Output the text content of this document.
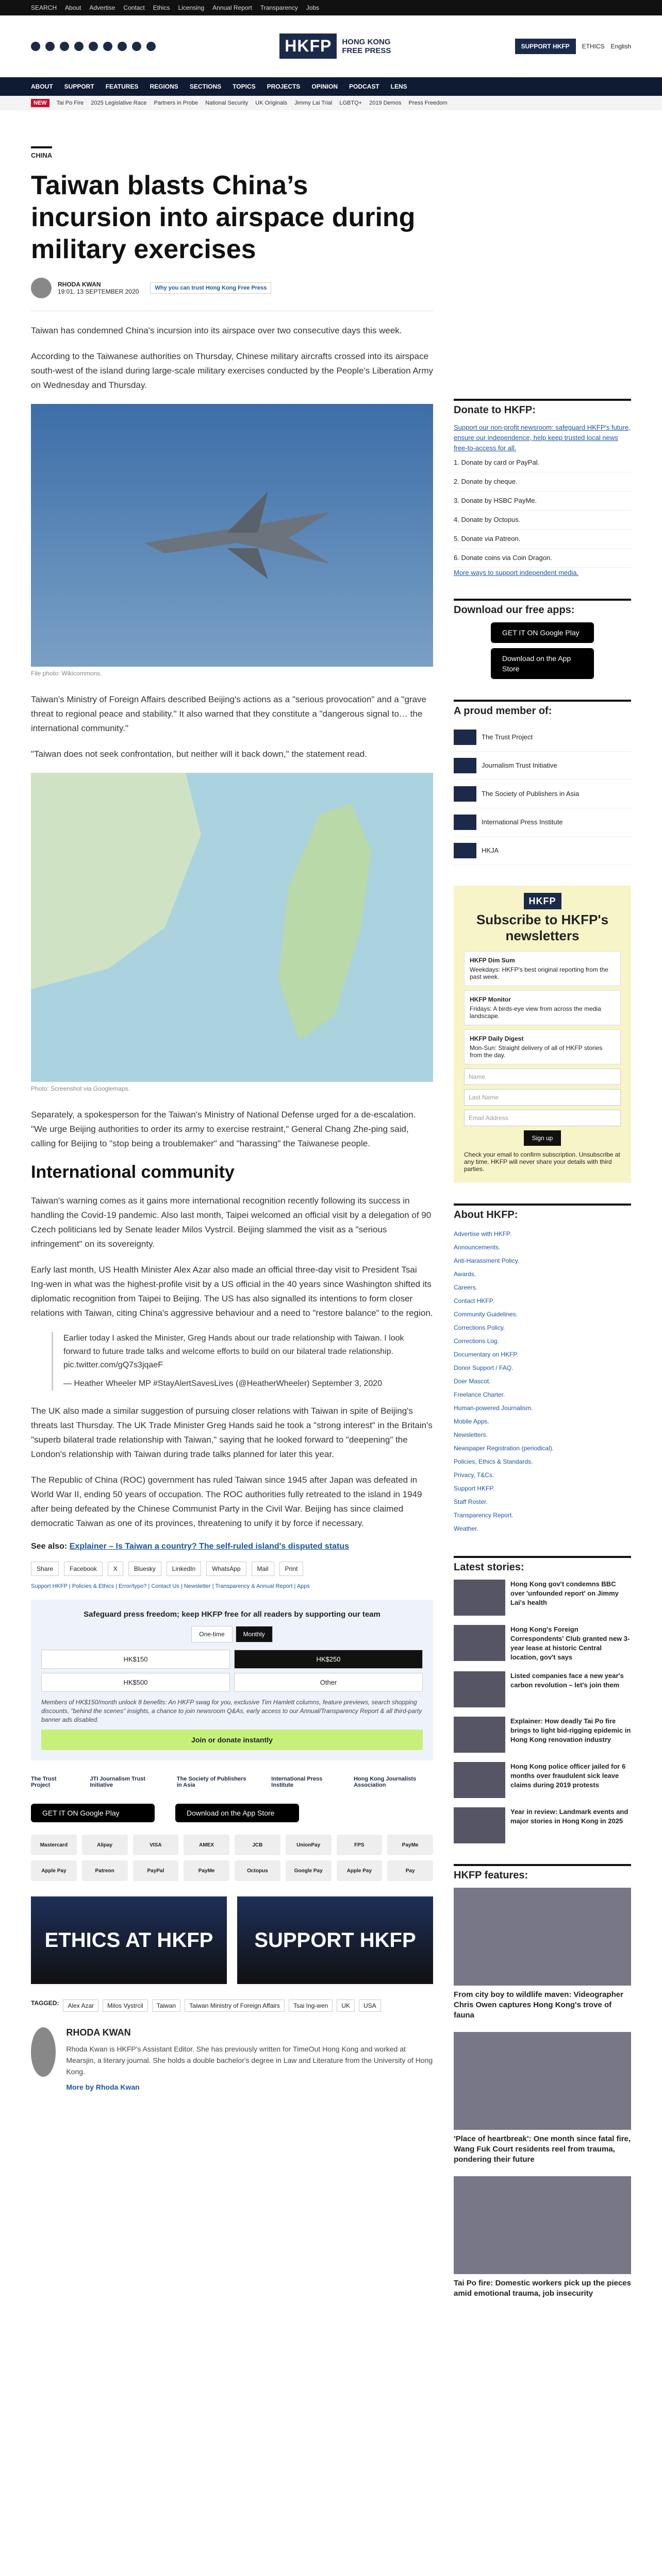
SEARCH About Advertise Contact Ethics Licensing Annual Report Transparency Jobs
HKFP	HONG KONG
FREE PRESS	SUPPORT HKFP	ETHICS English
ABOUT SUPPORT FEATURES REGIONS SECTIONS TOPICS PROJECTS OPINION PODCAST LENS
NEW	Tai Po Fire 2025 Legislative Race Partners in Probe National Security UK Originals Jimmy Lai Trial LGBTQ+ 2019 Demos Press Freedom
CHINA
Taiwan blasts China’s incursion into airspace during military exercises
RHODA KWAN
19:01, 13 SEPTEMBER 2020	Why you can trust Hong Kong Free Press

Taiwan has condemned China's incursion into its airspace over two consecutive days this week.

According to the Taiwanese authorities on Thursday, Chinese military aircrafts crossed into its airspace south-west of the island during large-scale military exercises conducted by the People's Liberation Army on Wednesday and Thursday.

File photo: Wikicommons.

Taiwan's Ministry of Foreign Affairs described Beijing's actions as a "serious provocation" and a "grave threat to regional peace and stability." It also warned that they constitute a "dangerous signal to… the international community."

"Taiwan does not seek confrontation, but neither will it back down," the statement read.

Photo: Screenshot via Googlemaps.

Separately, a spokesperson for the Taiwan's Ministry of National Defense urged for a de-escalation. "We urge Beijing authorities to order its army to exercise restraint," General Chang Zhe-ping said, calling for Beijing to "stop being a troublemaker" and "harassing" the Taiwanese people.

International community

Taiwan's warning comes as it gains more international recognition recently following its success in handling the Covid-19 pandemic. Also last month, Taipei welcomed an official visit by a delegation of 90 Czech politicians led by Senate leader Milos Vystrcil. Beijing slammed the visit as a "serious infringement" on its sovereignty.

Early last month, US Health Minister Alex Azar also made an official three-day visit to President Tsai Ing-wen in what was the highest-profile visit by a US official in the 40 years since Washington shifted its diplomatic recognition from Taipei to Beijing. The US has also signalled its intentions to form closer relations with Taiwan, citing China's aggressive behaviour and a need to "restore balance" to the region.

Earlier today I asked the Minister, Greg Hands about our trade relationship with Taiwan. I look forward to future trade talks and welcome efforts to build on our bilateral trade relationship. pic.twitter.com/gQ7s3jqaeF
— Heather Wheeler MP #StayAlertSavesLives (@HeatherWheeler) September 3, 2020

The UK also made a similar suggestion of pursuing closer relations with Taiwan in spite of Beijing's threats last Thursday. The UK Trade Minister Greg Hands said he took a "strong interest" in the Britain's "superb bilateral trade relationship with Taiwan," saying that he looked forward to "deepening" the London's relationship with Taiwan during trade talks planned for later this year.

The Republic of China (ROC) government has ruled Taiwan since 1945 after Japan was defeated in World War II, ending 50 years of occupation. The ROC authorities fully retreated to the island in 1949 after being defeated by the Chinese Communist Party in the Civil War. Beijing has since claimed democratic Taiwan as one of its provinces, threatening to unify it by force if necessary.

See also: Explainer – Is Taiwan a country? The self-ruled island's disputed status
Share	Facebook	X	Bluesky	LinkedIn	WhatsApp	Mail	Print
Support HKFP | Policies & Ethics | Error/typo? | Contact Us | Newsletter | Transparency & Annual Report | Apps
Safeguard press freedom; keep HKFP free for all readers by supporting our team
One-time	Monthly
HK$150	HK$250
HK$500	Other
Members of HK$150/month unlock 8 benefits: An HKFP swag for you, exclusive Tim Hamlett columns, feature previews, search shopping discounts, "behind the scenes" insights, a chance to join newsroom Q&As, early access to our Annual/Transparency Report & all third-party banner ads disabled.
Join or donate instantly
The Trust Project
JTI Journalism Trust Initiative
The Society of Publishers in Asia
International Press Institute
Hong Kong Journalists Association
GET IT ON Google Play	Download on the App Store
Mastercard	Alipay	VISA	AMEX	JCB	UnionPay	FPS	PayMe
Apple Pay	Patreon	PayPal	PayMe	Octopus	Google Pay	Apple Pay	Pay
ETHICS AT HKFP	SUPPORT HKFP
TAGGED:	Alex Azar	Milos Vystrcil	Taiwan	Taiwan Ministry of Foreign Affairs	Tsai Ing-wen	UK	USA
RHODA KWAN

Rhoda Kwan is HKFP's Assistant Editor. She has previously written for TimeOut Hong Kong and worked at Mearsjin, a literary journal. She holds a double bachelor's degree in Law and Literature from the University of Hong Kong.

More by Rhoda Kwan

Donate to HKFP:
Support our non-profit newsroom: safeguard HKFP's future, ensure our independence, help keep trusted local news free-to-access for all.
1. Donate by card or PayPal.
2. Donate by cheque.
3. Donate by HSBC PayMe.
4. Donate by Octopus.
5. Donate via Patreon.
6. Donate coins via Coin Dragon.
More ways to support independent media.
Download our free apps:
GET IT ON Google Play
Download on the App Store
A proud member of:
The Trust Project
Journalism Trust Initiative
The Society of Publishers in Asia
International Press Institute
HKJA
HKFP
Subscribe to HKFP's newsletters
HKFP Dim Sum
Weekdays: HKFP's best original reporting from the past week.
HKFP Monitor
Fridays: A birds-eye view from across the media landscape.
HKFP Daily Digest
Mon-Sun: Straight delivery of all of HKFP stories from the day.
Name
Last Name
Email Address
Sign up
Check your email to confirm subscription. Unsubscribe at any time. HKFP will never share your details with third parties.
About HKFP:
Advertise with HKFP.
Announcements.
Anti-Harassment Policy.
Awards.
Careers.
Contact HKFP.
Community Guidelines.
Corrections Policy.
Corrections Log.
Documentary on HKFP.
Donor Support / FAQ.
Doer Mascot.
Freelance Charter.
Human-powered Journalism.
Mobile Apps.
Newsletters.
Newspaper Registration (periodical).
Policies, Ethics & Standards.
Privacy, T&Cs.
Support HKFP.
Staff Roster.
Transparency Report.
Weather.
Latest stories:
Hong Kong gov't condemns BBC over 'unfounded report' on Jimmy Lai's health
Hong Kong's Foreign Correspondents' Club granted new 3-year lease at historic Central location, gov't says
Listed companies face a new year's carbon revolution – let's join them
Explainer: How deadly Tai Po fire brings to light bid-rigging epidemic in Hong Kong renovation industry
Hong Kong police officer jailed for 6 months over fraudulent sick leave claims during 2019 protests
Year in review: Landmark events and major stories in Hong Kong in 2025
HKFP features:
From city boy to wildlife maven: Videographer Chris Owen captures Hong Kong's trove of fauna
'Place of heartbreak': One month since fatal fire, Wang Fuk Court residents reel from trauma, pondering their future
Tai Po fire: Domestic workers pick up the pieces amid emotional trauma, job insecurity
